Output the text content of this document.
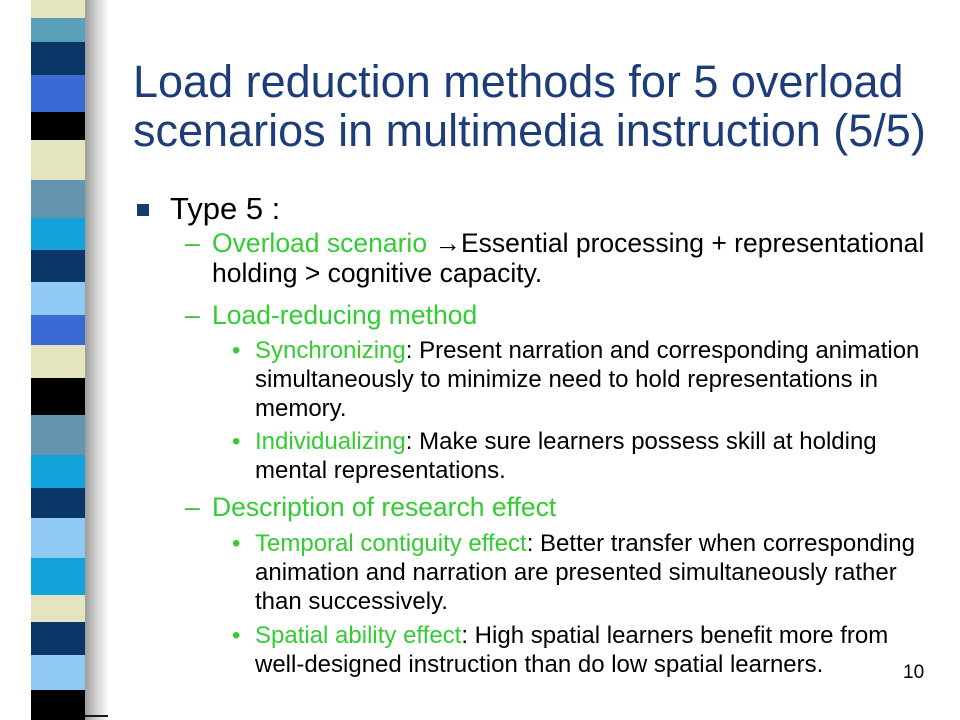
Load reduction methods for 5 overload scenarios in multimedia instruction (5/5)

Type 5 :

– Overload scenario →Essential processing + representational holding > cognitive capacity.

– Load-reducing method

• Synchronizing: Present narration and corresponding animation simultaneously to minimize need to hold representations in memory.

• Individualizing: Make sure learners possess skill at holding mental representations.

– Description of research effect

• Temporal contiguity effect: Better transfer when corresponding animation and narration are presented simultaneously rather than successively.

• Spatial ability effect: High spatial learners benefit more from well-designed instruction than do low spatial learners.	10
